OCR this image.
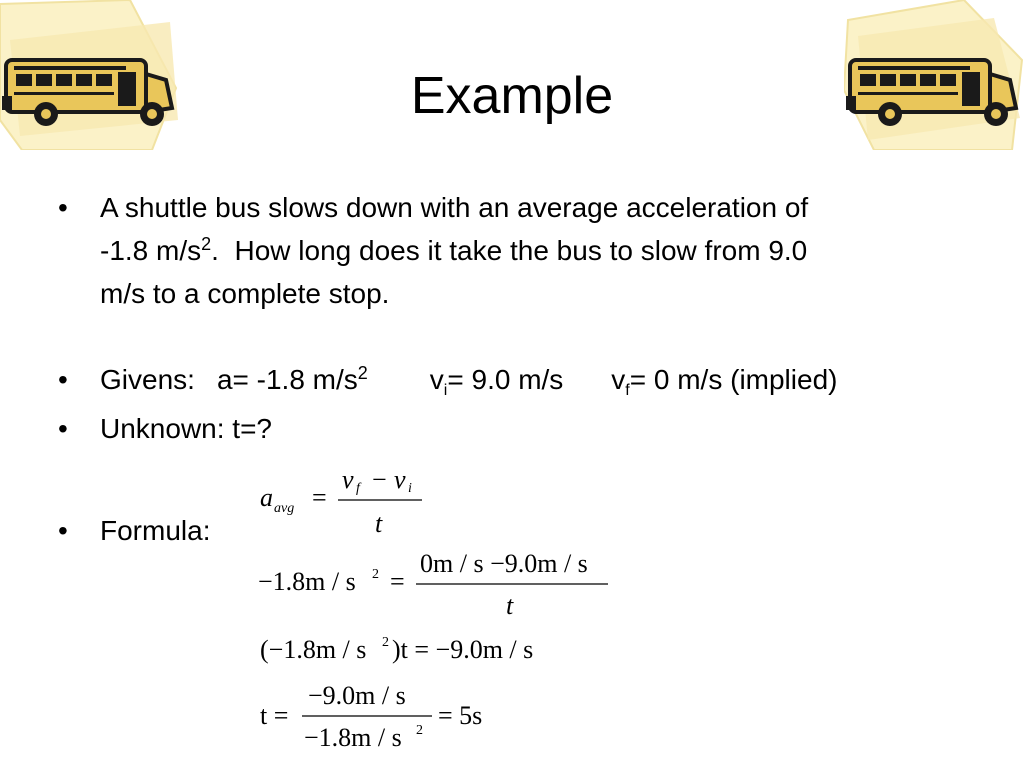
Example
•	A shuttle bus slows down with an average acceleration of
-1.8 $m/s^2$.  How long does it take the bus to slow from 9.0
m/s to a complete stop.
•	Givens: a= -1.8 $m/s^2$ $v_i= 9.0$ m/s $v_f= 0$ m/s (implied)
•	Unknown: t=?
•	Formula:
a avg =
v f − v i
t
−1.8m / s 2 =
0m / s −9.0m / s
t
(−1.8m / s 2 )t = −9.0m / s
t =
−9.0m / s
−1.8m / s 2
= 5s
